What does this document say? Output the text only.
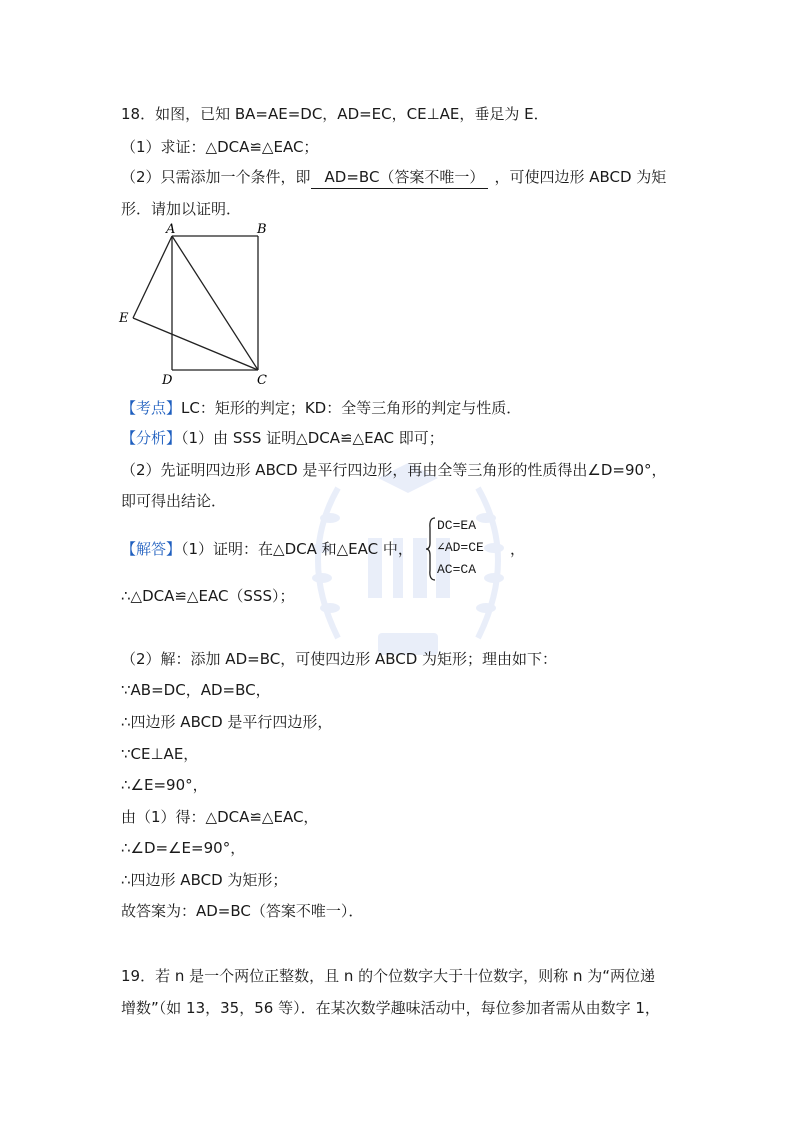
18．如图，已知 BA=AE=DC，AD=EC，CE⊥AE，垂足为 E．
（1）求证：△DCA≌△EAC；
（2）只需添加一个条件，即 AD=BC（答案不唯一） ，可使四边形 ABCD 为矩
形．请加以证明．
A	B
E
D	C
【考点】LC：矩形的判定；KD：全等三角形的判定与性质．
【分析】（1）由 SSS 证明△DCA≌△EAC 即可；
（2）先证明四边形 ABCD 是平行四边形，再由全等三角形的性质得出∠D=90°，
即可得出结论．
【解答】（1）证明：在△DCA 和△EAC 中，
DC=EA
∠AD=CE
AC=CA
，
∴△DCA≌△EAC（SSS）；
（2）解：添加 AD=BC，可使四边形 ABCD 为矩形；理由如下：
∵AB=DC，AD=BC，
∴四边形 ABCD 是平行四边形，
∵CE⊥AE，
∴∠E=90°，
由（1）得：△DCA≌△EAC，
∴∠D=∠E=90°，
∴四边形 ABCD 为矩形；
故答案为：AD=BC（答案不唯一）．
19．若 n 是一个两位正整数，且 n 的个位数字大于十位数字，则称 n 为“两位递
增数”（如 13，35，56 等）．在某次数学趣味活动中，每位参加者需从由数字 1，
